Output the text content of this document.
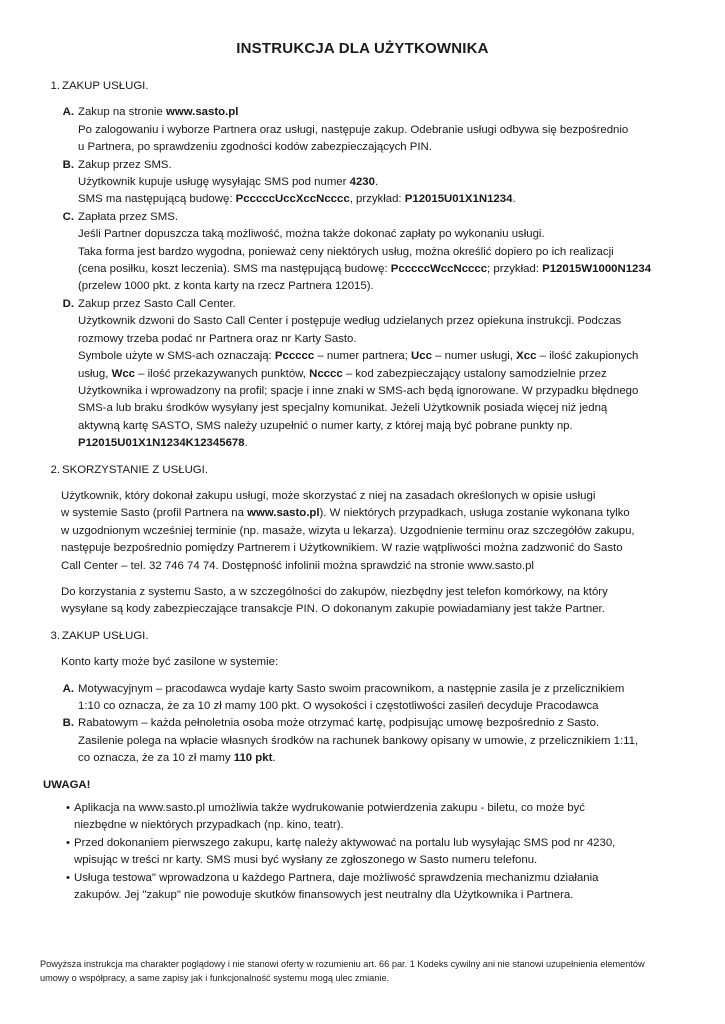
INSTRUKCJA DLA UŻYTKOWNIKA
1. ZAKUP USŁUGI.
A. Zakup na stronie www.sasto.pl
Po zalogowaniu i wyborze Partnera oraz usługi, następuje zakup. Odebranie usługi odbywa się bezpośrednio
u Partnera, po sprawdzeniu zgodności kodów zabezpieczających PIN.
B. Zakup przez SMS.
Użytkownik kupuje usługę wysyłając SMS pod numer 4230.
SMS ma następującą budowę: PcccccUccXccNcccc, przykład: P12015U01X1N1234.
C. Zapłata przez SMS.
Jeśli Partner dopuszcza taką możliwość, można także dokonać zapłaty po wykonaniu usługi.
Taka forma jest bardzo wygodna, ponieważ ceny niektórych usług, można określić dopiero po ich realizacji
(cena posiłku, koszt leczenia). SMS ma następującą budowę: PcccccWccNcccc; przykład: P12015W1000N1234
(przelew 1000 pkt. z konta karty na rzecz Partnera 12015).
D. Zakup przez Sasto Call Center.
Użytkownik dzwoni do Sasto Call Center i postępuje według udzielanych przez opiekuna instrukcji. Podczas
rozmowy trzeba podać nr Partnera oraz nr Karty Sasto.
Symbole użyte w SMS-ach oznaczają: Pccccc – numer partnera; Ucc – numer usługi, Xcc – ilość zakupionych
usług, Wcc – ilość przekazywanych punktów, Ncccc – kod zabezpieczający ustalony samodzielnie przez
Użytkownika i wprowadzony na profil; spacje i inne znaki w SMS-ach będą ignorowane. W przypadku błędnego
SMS-a lub braku środków wysyłany jest specjalny komunikat. Jeżeli Użytkownik posiada więcej niż jedną
aktywną kartę SASTO, SMS należy uzupełnić o numer karty, z której mają być pobrane punkty np.
P12015U01X1N1234K12345678.
2. SKORZYSTANIE Z USŁUGI.
Użytkownik, który dokonał zakupu usługi, może skorzystać z niej na zasadach określonych w opisie usługi
w systemie Sasto (profil Partnera na www.sasto.pl). W niektórych przypadkach, usługa zostanie wykonana tylko
w uzgodnionym wcześniej terminie (np. masaże, wizyta u lekarza). Uzgodnienie terminu oraz szczegółów zakupu,
następuje bezpośrednio pomiędzy Partnerem i Użytkownikiem. W razie wątpliwości można zadzwonić do Sasto
Call Center – tel. 32 746 74 74. Dostępność infolinii można sprawdzić na stronie www.sasto.pl
Do korzystania z systemu Sasto, a w szczególności do zakupów, niezbędny jest telefon komórkowy, na który
wysyłane są kody zabezpieczające transakcje PIN. O dokonanym zakupie powiadamiany jest także Partner.
3. ZAKUP USŁUGI.
Konto karty może być zasilone w systemie:
A. Motywacyjnym – pracodawca wydaje karty Sasto swoim pracownikom, a następnie zasila je z przelicznikiem
1:10 co oznacza, że za 10 zł mamy 100 pkt. O wysokości i częstotliwości zasileń decyduje Pracodawca
B. Rabatowym – każda pełnoletnia osoba może otrzymać kartę, podpisując umowę bezpośrednio z Sasto.
Zasilenie polega na wpłacie własnych środków na rachunek bankowy opisany w umowie, z przelicznikiem 1:11,
co oznacza, że za 10 zł mamy 110 pkt.
UWAGA!
• Aplikacja na www.sasto.pl umożliwia także wydrukowanie potwierdzenia zakupu - biletu, co może być
niezbędne w niektórych przypadkach (np. kino, teatr).
• Przed dokonaniem pierwszego zakupu, kartę należy aktywować na portalu lub wysyłając SMS pod nr 4230,
wpisując w treści nr karty. SMS musi być wysłany ze zgłoszonego w Sasto numeru telefonu.
• Usługa testowa" wprowadzona u każdego Partnera, daje możliwość sprawdzenia mechanizmu działania
zakupów. Jej "zakup" nie powoduje skutków finansowych jest neutralny dla Użytkownika i Partnera.
Powyższa instrukcja ma charakter poglądowy i nie stanowi oferty w rozumieniu art. 66 par. 1 Kodeks cywilny ani nie stanowi uzupełnienia elementów
umowy o współpracy, a same zapisy jak i funkcjonalność systemu mogą ulec zmianie.
